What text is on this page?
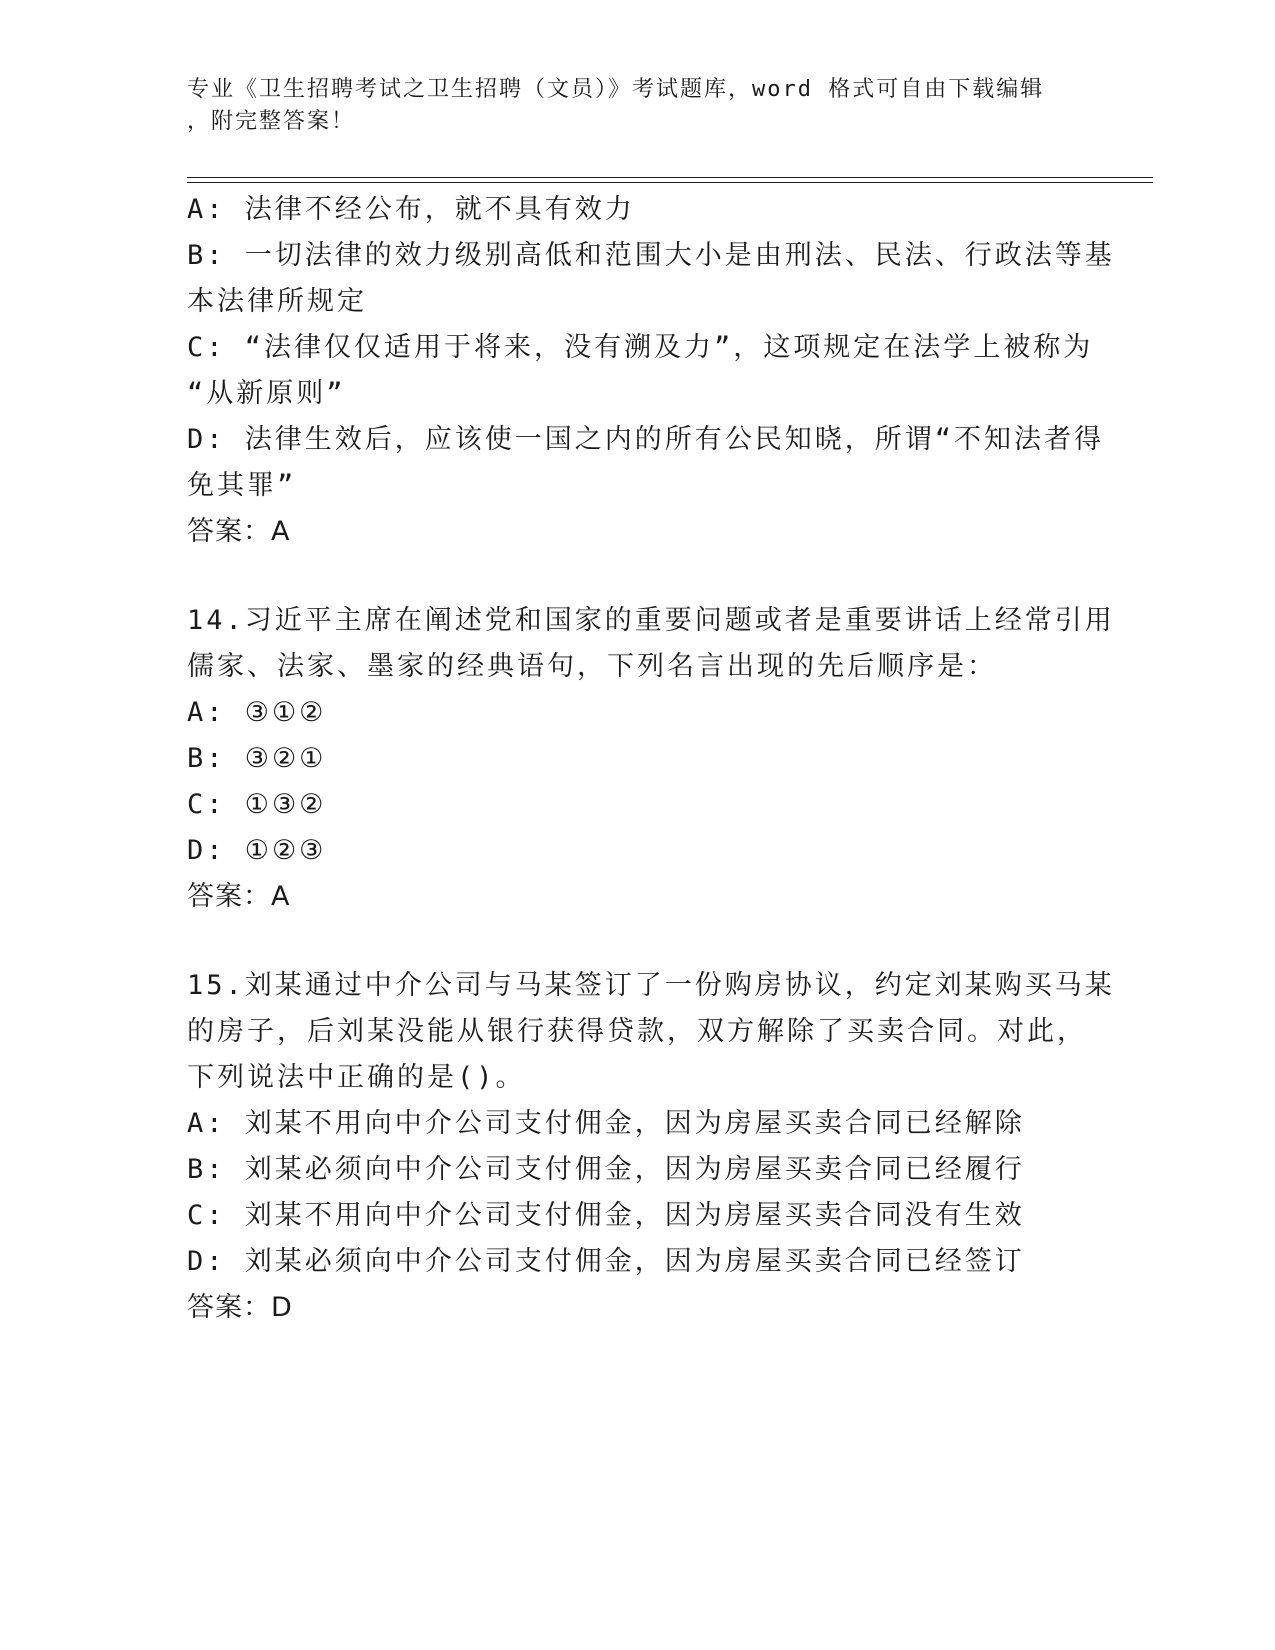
专业《卫生招聘考试之卫生招聘（文员）》考试题库，word 格式可自由下载编辑
，附完整答案！
A: 法律不经公布，就不具有效力
B: 一切法律的效力级别高低和范围大小是由刑法、民法、行政法等基
本法律所规定
C: “法律仅仅适用于将来，没有溯及力”，这项规定在法学上被称为
“从新原则”
D: 法律生效后，应该使一国之内的所有公民知晓，所谓“不知法者得
免其罪”
答案：A
14.习近平主席在阐述党和国家的重要问题或者是重要讲话上经常引用
儒家、法家、墨家的经典语句，下列名言出现的先后顺序是：
A: ③①②
B: ③②①
C: ①③②
D: ①②③
答案：A
15.刘某通过中介公司与马某签订了一份购房协议，约定刘某购买马某
的房子，后刘某没能从银行获得贷款，双方解除了买卖合同。对此，
下列说法中正确的是()。
A: 刘某不用向中介公司支付佣金，因为房屋买卖合同已经解除
B: 刘某必须向中介公司支付佣金，因为房屋买卖合同已经履行
C: 刘某不用向中介公司支付佣金，因为房屋买卖合同没有生效
D: 刘某必须向中介公司支付佣金，因为房屋买卖合同已经签订
答案：D
